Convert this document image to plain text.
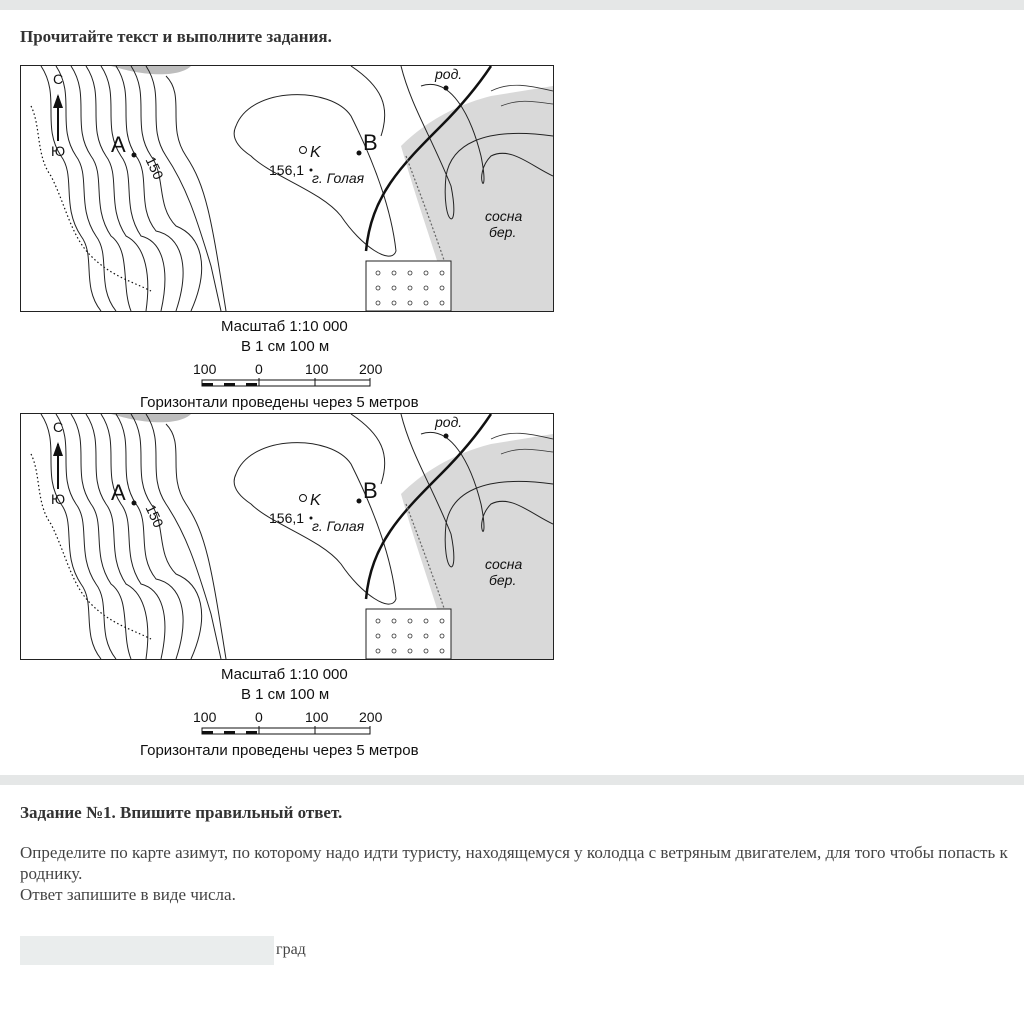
Прочитайте текст и выполните задания.
С
Ю А	В
150
K
156,1 г. Голая
род.
сосна
бер.
Масштаб 1:10 000
В 1 см 100 м
100	0	100 200
Горизонтали проведены через 5 метров
С
Ю А	В
150
K
156,1 г. Голая
род.
сосна
бер.
Масштаб 1:10 000
В 1 см 100 м
100	0	100 200
Горизонтали проведены через 5 метров
Задание №1. Впишите правильный ответ.

Определите по карте азимут, по которому надо идти туристу, находящемуся у колодца с ветряным двигателем, для того чтобы попасть к роднику.

Ответ запишите в виде числа.

град
